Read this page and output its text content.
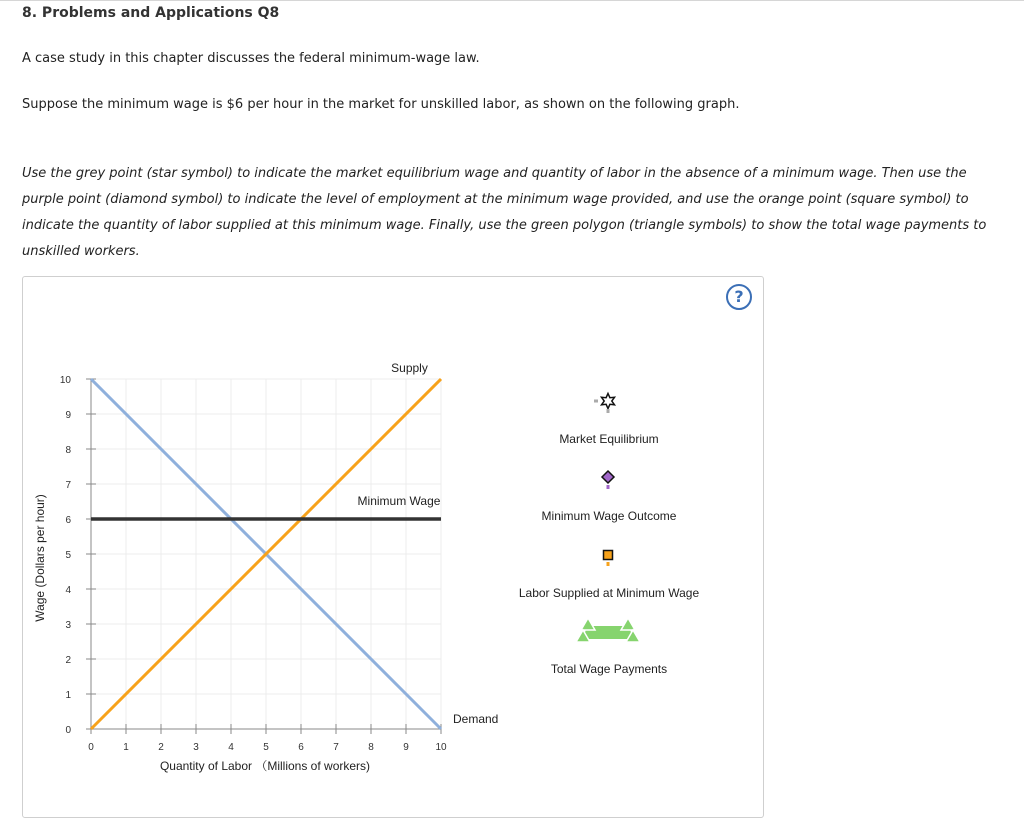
8. Problems and Applications Q8
A case study in this chapter discusses the federal minimum-wage law.
Suppose the minimum wage is $6 per hour in the market for unskilled labor, as shown on the following graph.
Use the grey point (star symbol) to indicate the market equilibrium wage and quantity of labor in the absence of a minimum wage. Then use the purple point (diamond symbol) to indicate the level of employment at the minimum wage provided, and use the orange point (square symbol) to indicate the quantity of labor supplied at this minimum wage. Finally, use the green polygon (triangle symbols) to show the total wage payments to unskilled workers.
0	1	2	3	4	5	6	7	8	9	10
0
1
2
3
4
5
6
7
8
9
10
Quantity of Labor （Millions of workers)
Wage (Dollars per hour)
Demand
Supply
Minimum Wage
Market Equilibrium
Minimum Wage Outcome
Labor Supplied at Minimum Wage
Total Wage Payments
?
